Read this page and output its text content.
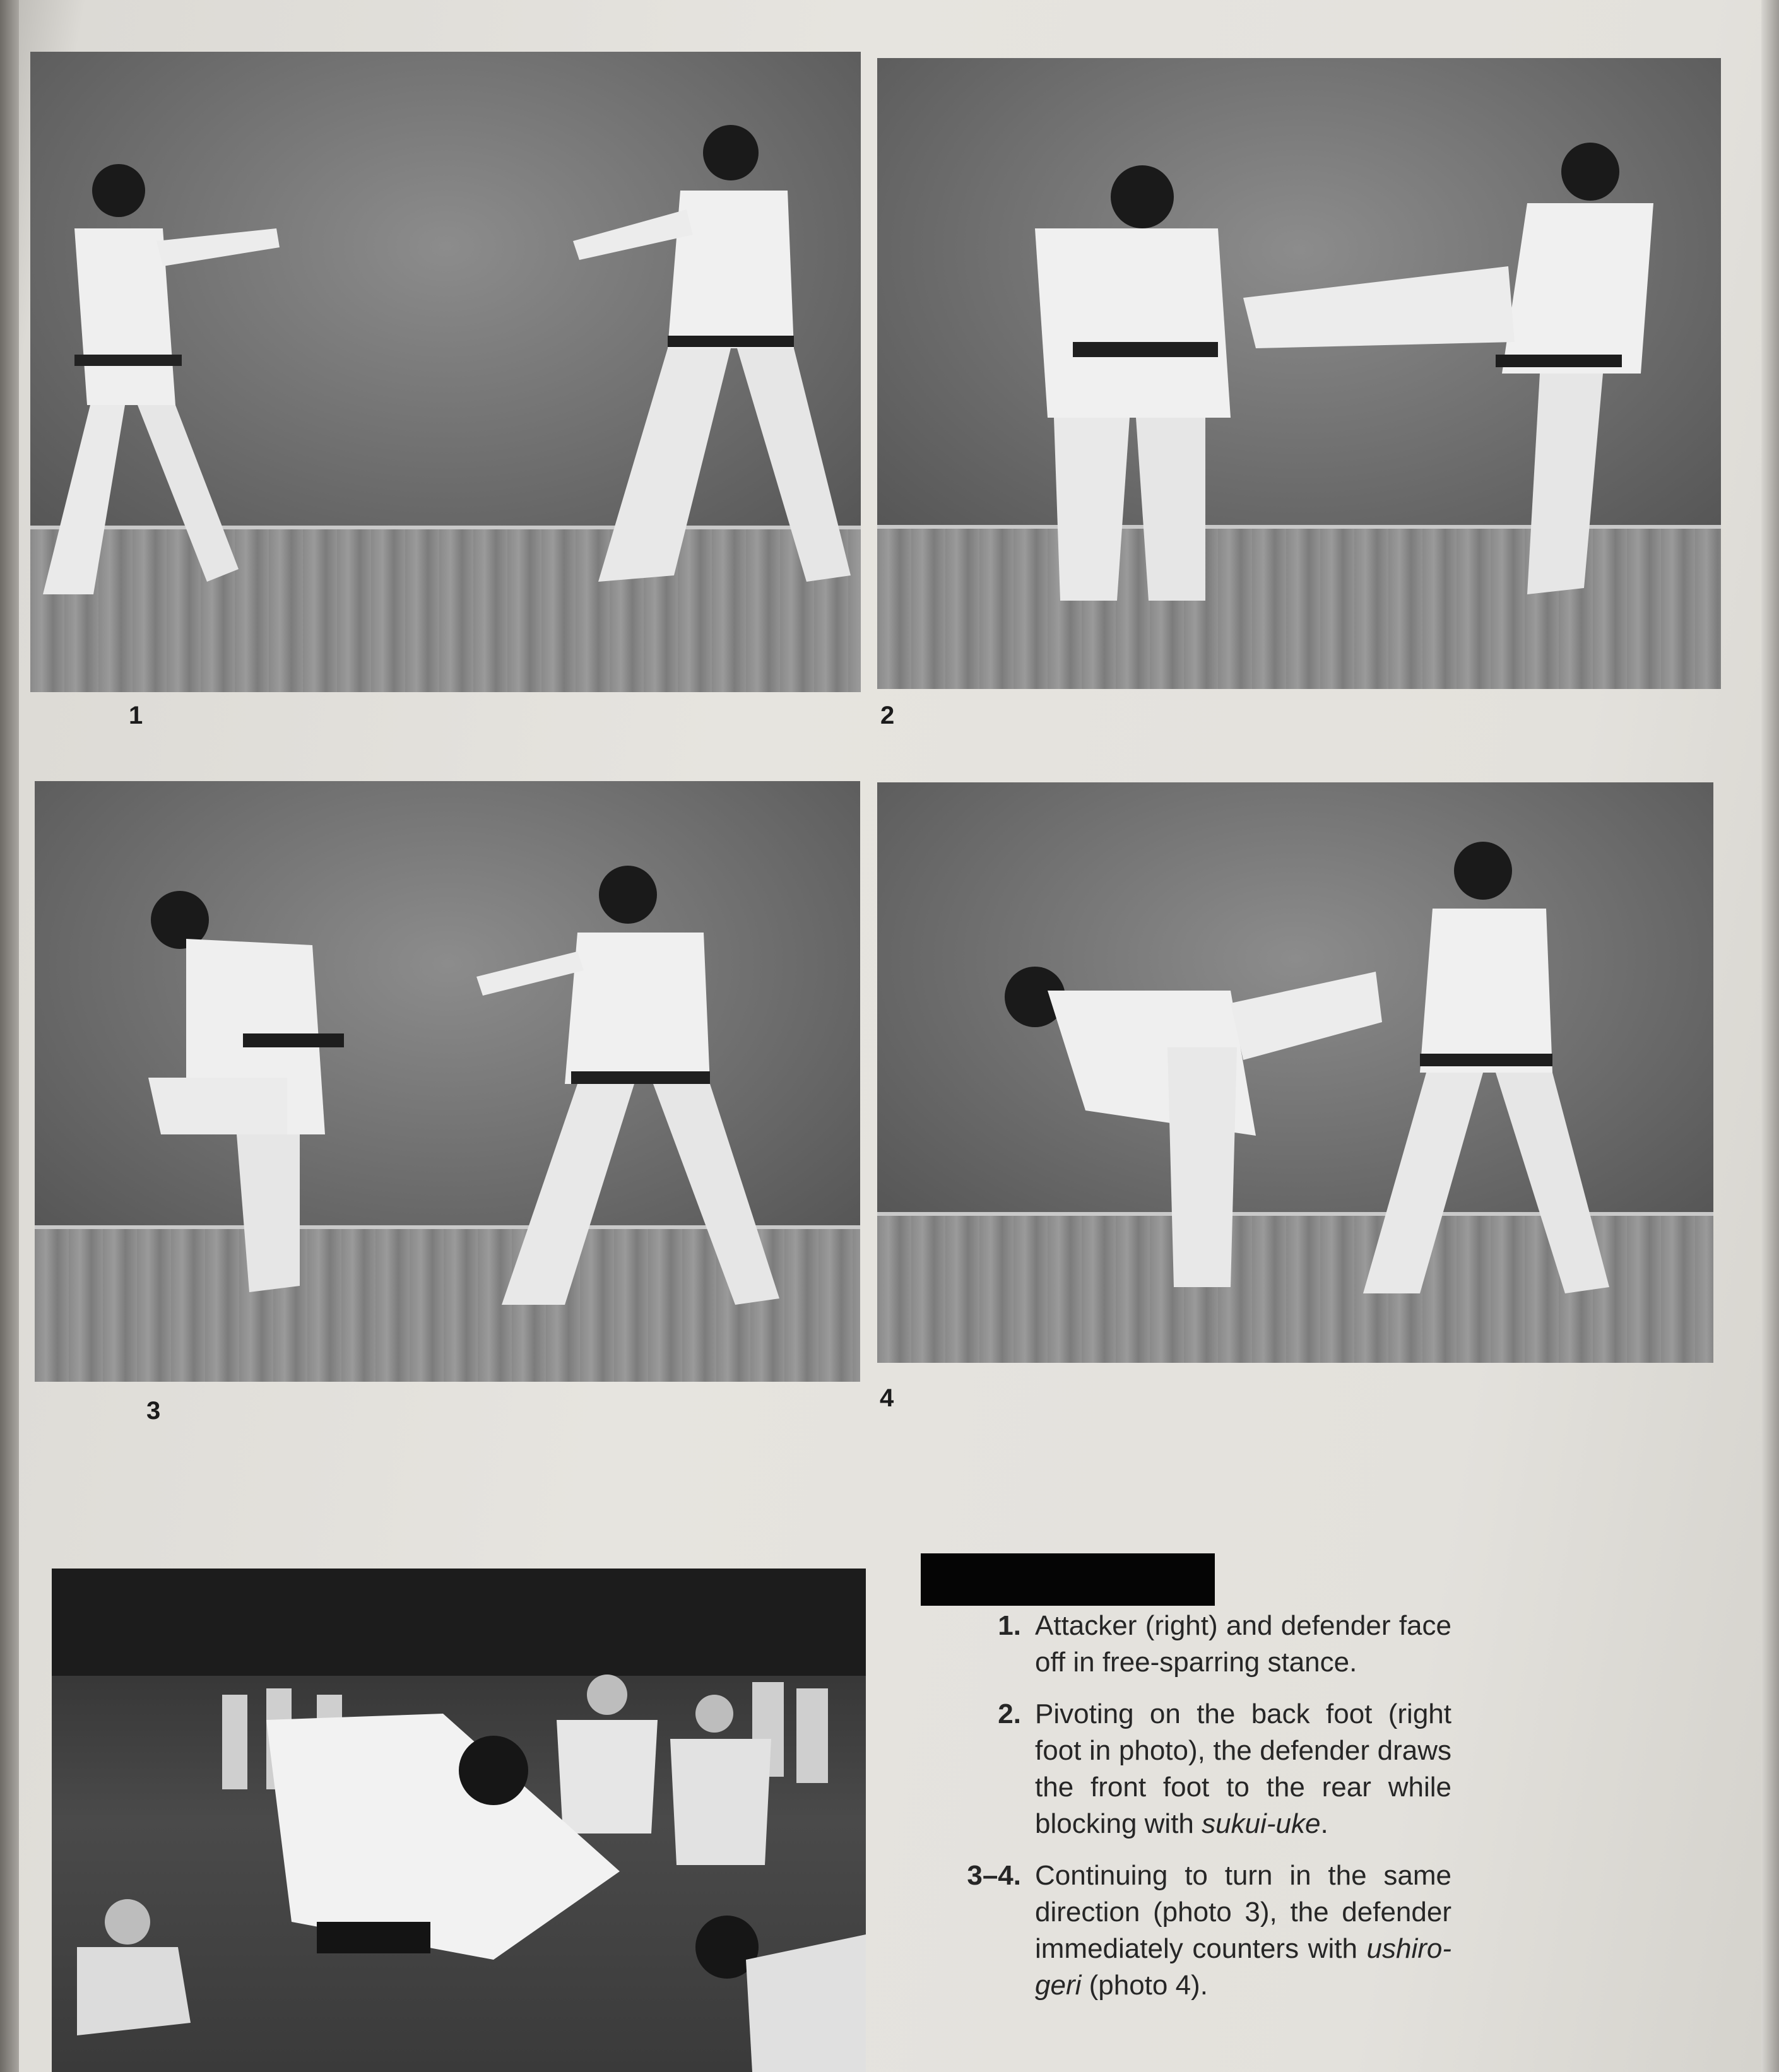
1	2
3	4
1. Attacker (right) and defender face off in free-sparring stance.
2. Pivoting on the back foot (right foot in photo), the defender draws the front foot to the rear while blocking with sukui-uke.
3–4. Continuing to turn in the same direction (photo 3), the defender immediately counters with ushiro-geri (photo 4).
